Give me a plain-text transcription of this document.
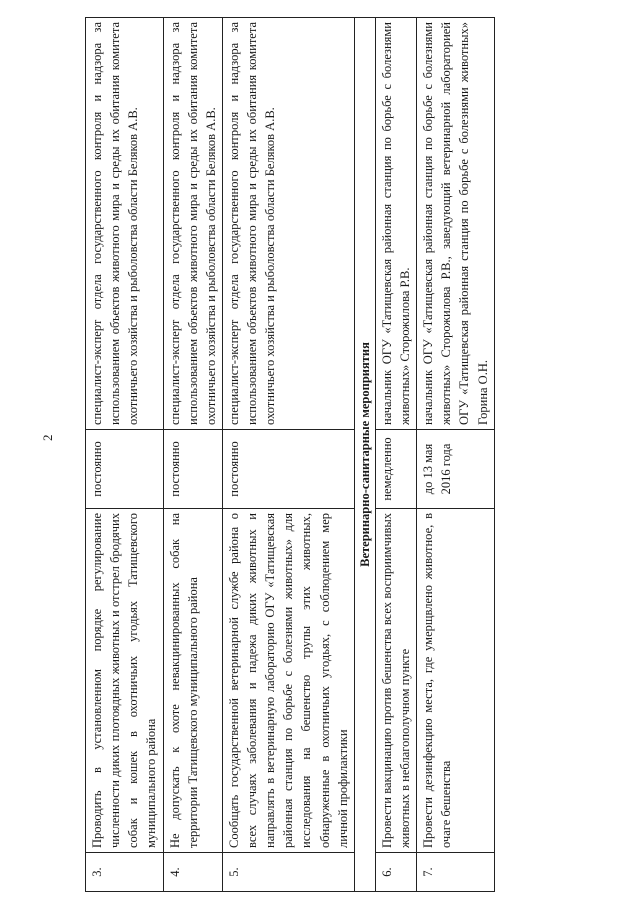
2
3.	Проводить в установленном порядке регулирование численности диких плотоядных животных и отстрел бродячих собак и кошек в охотничьих угодьях Татищевского муниципального района	постоянно	специалист-эксперт отдела государственного контроля и надзора за использованием объектов животного мира и среды их обитания комитета охотничьего хозяйства и рыболовства области Беляков А.В.
4.	Не допускать к охоте невакцинированных собак на территории Татищевского муниципального района	постоянно	специалист-эксперт отдела государственного контроля и надзора за использованием объектов животного мира и среды их обитания комитета охотничьего хозяйства и рыболовства области Беляков А.В.
5.	Сообщать государственной ветеринарной службе района о всех случаях заболевания и падежа диких животных и направлять в ветеринарную лабораторию ОГУ «Татищевская районная станция по борьбе с болезнями животных» для исследования на бешенство трупы этих животных, обнаруженные в охотничьих угодьях, с соблюдением мер личной профилактики	постоянно	специалист-эксперт отдела государственного контроля и надзора за использованием объектов животного мира и среды их обитания комитета охотничьего хозяйства и рыболовства области Беляков А.В.
Ветеринарно-санитарные мероприятия			
6.	Провести вакцинацию против бешенства всех восприимчивых животных в неблагополучном пункте	немедленно	начальник ОГУ «Татищевская районная станция по борьбе с болезнями животных» Сторожилова Р.В.
7.	Провести дезинфекцию места, где умерщвлено животное, в очаге бешенства	до 13 мая 2016 года	начальник ОГУ «Татищевская районная станция по борьбе с болезнями животных» Сторожилова Р.В., заведующий ветеринарной лабораторией ОГУ «Татищевская районная станция по борьбе с болезнями животных» Горина О.Н.
